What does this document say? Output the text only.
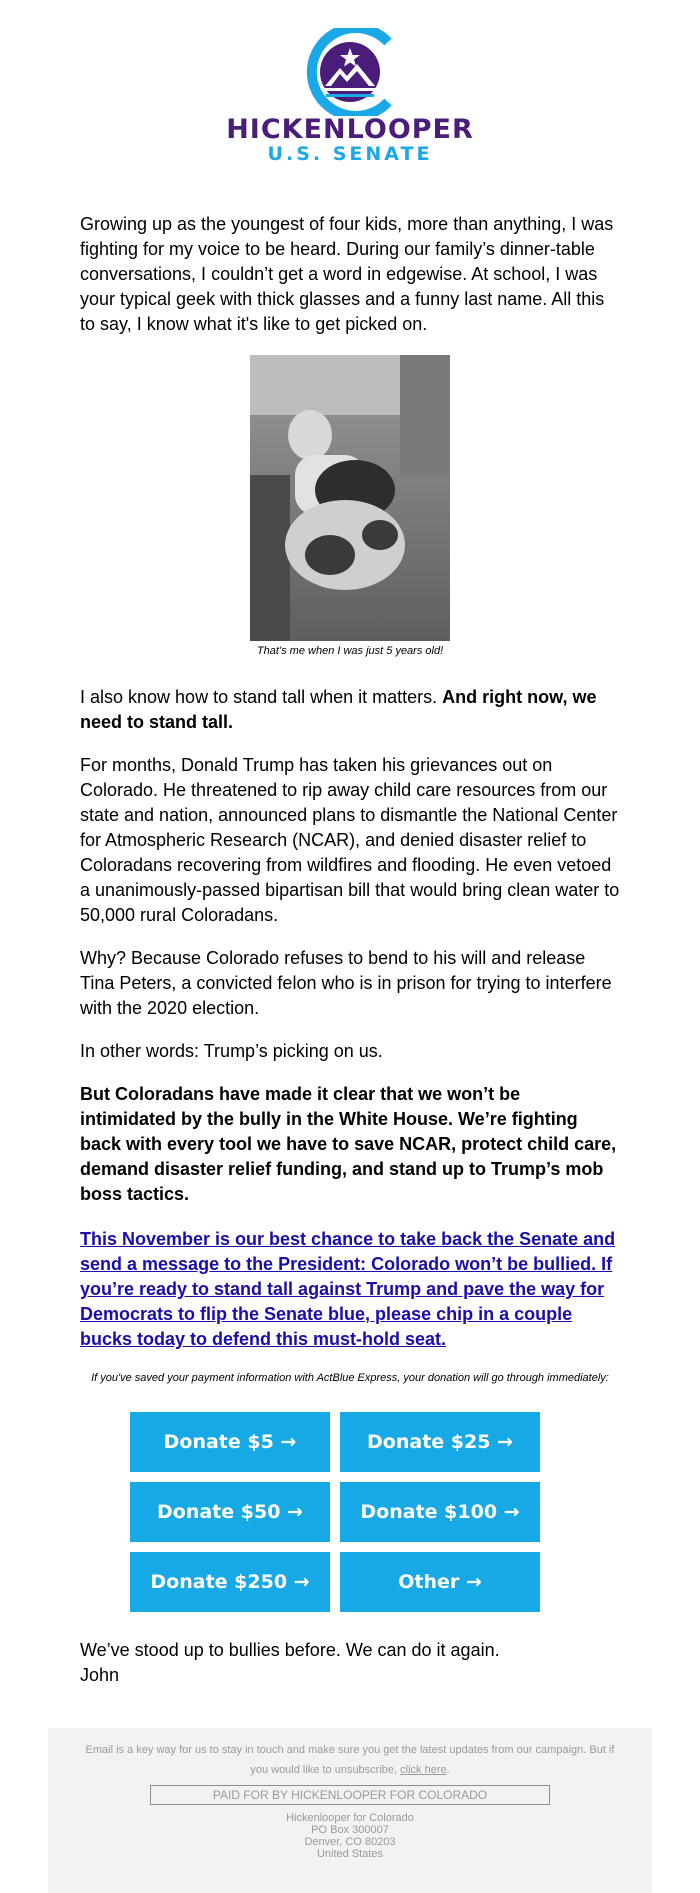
HICKENLOOPER
U.S. SENATE

Growing up as the youngest of four kids, more than anything, I was fighting for my voice to be heard. During our family’s dinner-table conversations, I couldn’t get a word in edgewise. At school, I was your typical geek with thick glasses and a funny last name. All this to say, I know what it's like to get picked on.

That’s me when I was just 5 years old!

I also know how to stand tall when it matters. And right now, we need to stand tall.

For months, Donald Trump has taken his grievances out on Colorado. He threatened to rip away child care resources from our state and nation, announced plans to dismantle the National Center for Atmospheric Research (NCAR), and denied disaster relief to Coloradans recovering from wildfires and flooding. He even vetoed a unanimously-passed bipartisan bill that would bring clean water to 50,000 rural Coloradans.

Why? Because Colorado refuses to bend to his will and release Tina Peters, a convicted felon who is in prison for trying to interfere with the 2020 election.

In other words: Trump’s picking on us.

But Coloradans have made it clear that we won’t be intimidated by the bully in the White House. We’re fighting back with every tool we have to save NCAR, protect child care, demand disaster relief funding, and stand up to Trump’s mob boss tactics.

This November is our best chance to take back the Senate and send a message to the President: Colorado won’t be bullied. If you’re ready to stand tall against Trump and pave the way for Democrats to flip the Senate blue, please chip in a couple bucks today to defend this must-hold seat.

If you've saved your payment information with ActBlue Express, your donation will go through immediately:
Donate $5 →	Donate $25 →
Donate $50 →	Donate $100 →
Donate $250 →	Other →

We’ve stood up to bullies before. We can do it again.

John

Email is a key way for us to stay in touch and make sure you get the latest updates from our campaign. But if you would like to unsubscribe, click here.
PAID FOR BY HICKENLOOPER FOR COLORADO
Hickenlooper for Colorado
PO Box 300007
Denver, CO 80203
United States
